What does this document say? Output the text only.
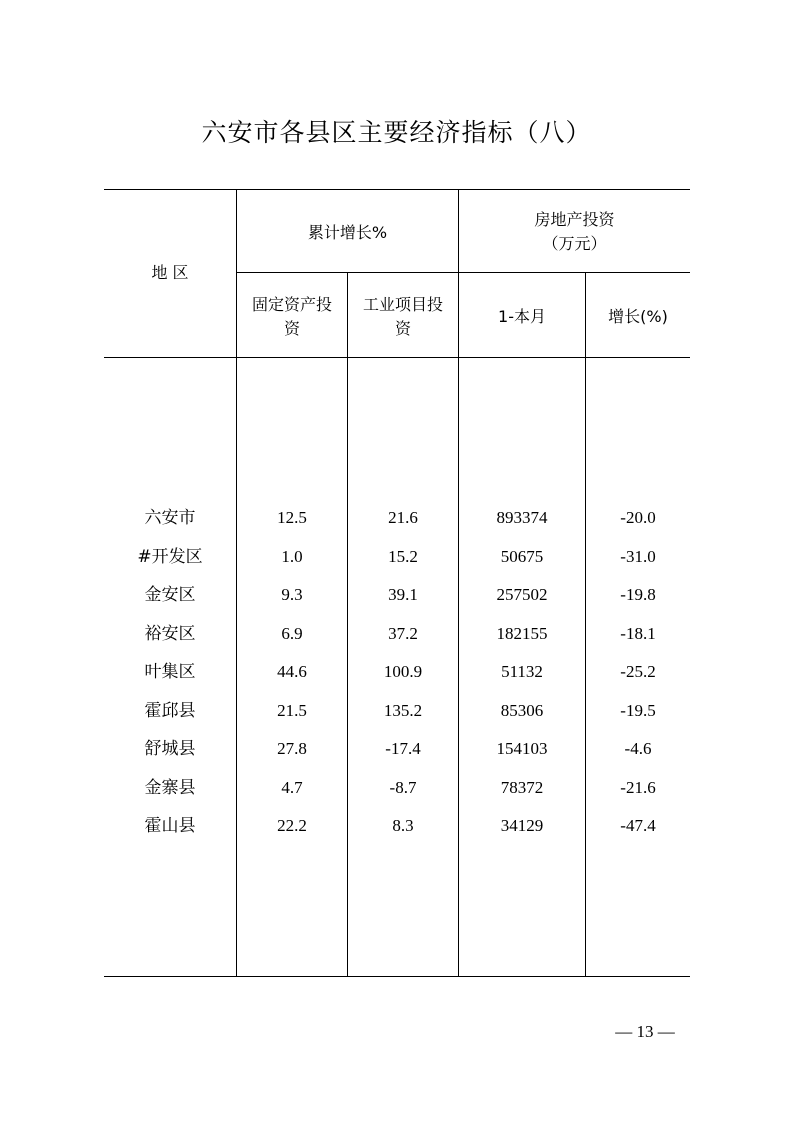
六安市各县区主要经济指标（八）
地 区
累计增长%
房地产投资
（万元）
固定资产投
资
工业项目投
资
1-本月	增长(%)
六安市	12.5	21.6	893374	-20.0
#开发区	1.0	15.2	50675	-31.0
金安区	9.3	39.1	257502	-19.8
裕安区	6.9	37.2	182155	-18.1
叶集区	44.6	100.9	51132	-25.2
霍邱县	21.5	135.2	85306	-19.5
舒城县	27.8	-17.4	154103	-4.6
金寨县	4.7	-8.7	78372	-21.6
霍山县	22.2	8.3	34129	-47.4
— 13 —
